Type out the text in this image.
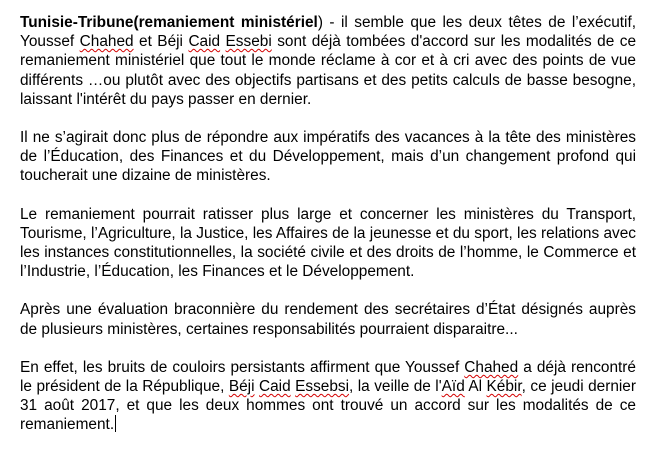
Tunisie-Tribune(remaniement ministériel) - il semble que les deux têtes de l’exécutif, Youssef Chahed et Béji Caid Essebi sont déjà tombées d'accord sur les modalités de ce remaniement ministériel que tout le monde réclame à cor et à cri avec des points de vue différents …ou plutôt avec des objectifs partisans et des petits calculs de basse besogne, laissant l'intérêt du pays passer en dernier.

Il ne s’agirait donc plus de répondre aux impératifs des vacances à la tête des ministères de l’Éducation, des Finances et du Développement, mais d’un changement profond qui toucherait une dizaine de ministères.

Le remaniement pourrait ratisser plus large et concerner les ministères du Transport, Tourisme, l’Agriculture, la Justice, les Affaires de la jeunesse et du sport, les relations avec les instances constitutionnelles, la société civile et des droits de l’homme, le Commerce et l’Industrie, l’Éducation, les Finances et le Développement.

Après une évaluation braconnière du rendement des secrétaires d’État désignés auprès de plusieurs ministères, certaines responsabilités pourraient disparaitre...

En effet, les bruits de couloirs persistants affirment que Youssef Chahed a déjà rencontré le président de la République, Béji Caid Essebsi, la veille de l'Aïd Al Kébir, ce jeudi dernier 31 août 2017, et que les deux hommes ont trouvé un accord sur les modalités de ce remaniement.
